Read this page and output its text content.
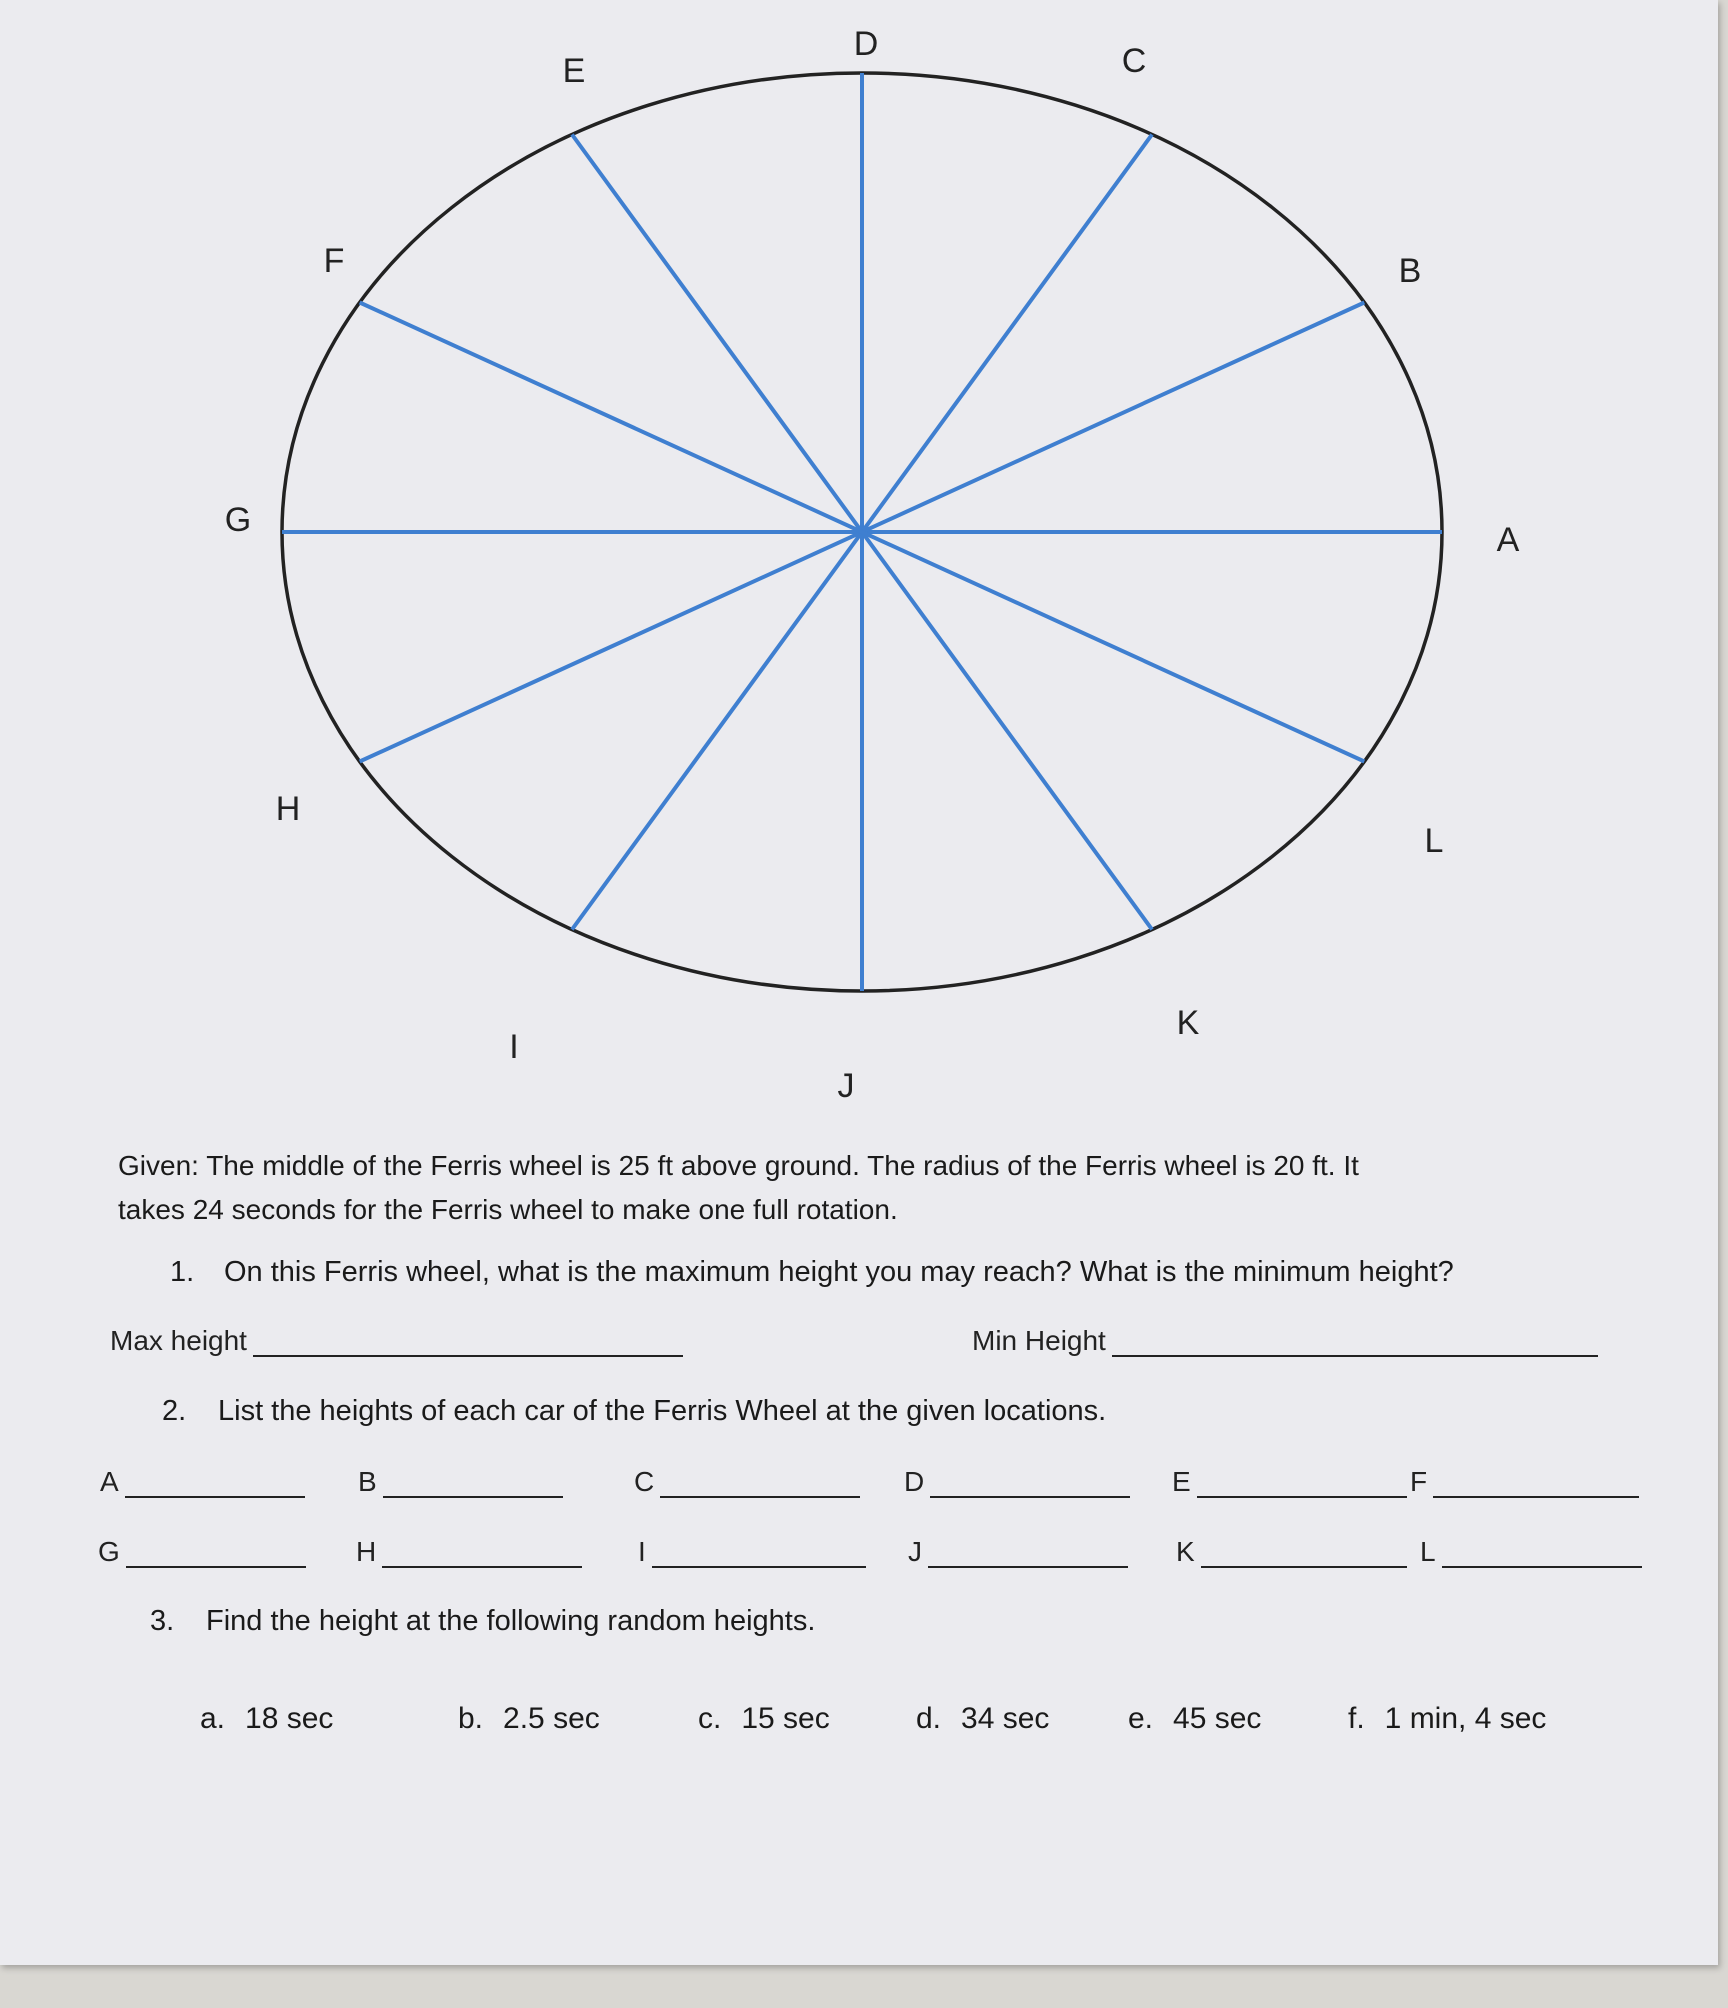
A
B
C
D
E
F
G
H
I
J
K
L
Given: The middle of the Ferris wheel is 25 ft above ground. The radius of the Ferris wheel is 20 ft. It
takes 24 seconds for the Ferris wheel to make one full rotation.
1. On this Ferris wheel, what is the maximum height you may reach? What is the minimum height?
Max height	Min Height
2. List the heights of each car of the Ferris Wheel at the given locations.
A	B	C	D	E	F
G	H	I	J	K	L
3. Find the height at the following random heights.
a. 18 sec	b. 2.5 sec	c. 15 sec	d. 34 sec	e. 45 sec	f. 1 min, 4 sec
